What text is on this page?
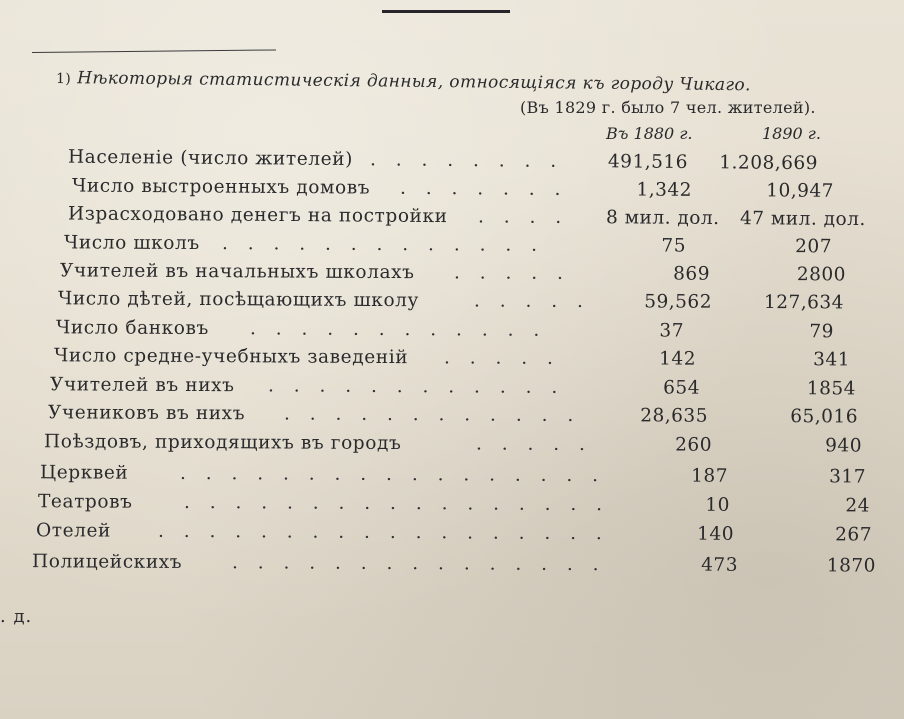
1) Нѣкоторыя статистическія данныя, относящіяся къ городу Чикаго.
(Въ 1829 г. было 7 чел. жителей).
Въ 1880 г.	1890 г.
Населеніе (число жителей) . . . . . . . .	491,516	1.208,669
Число выстроенныхъ домовъ . . . . . . .	1,342	10,947
Израсходовано денегъ на постройки . . . . 8 мил. дол. 47 мил. дол.
Число школъ . . . . . . . . . . . . .	75	207
Учителей въ начальныхъ школахъ . . . . .	869	2800
Число дѣтей, посѣщающихъ школу	. . . . .	59,562	127,634
Число банковъ . . . . . . . . . . . .	37	79
Число средне-учебныхъ заведеній . . . . .	142	341
Учителей въ нихъ . . . . . . . . . . . .	654	1854
Учениковъ въ нихъ . . . . . . . . . . . .	28,635	65,016
Поѣздовъ, приходящихъ въ городъ	. . . . .	260	940
Церквей	. . . . . . . . . . . . . . . . .	187	317
Театровъ	. . . . . . . . . . . . . . . . .	10	24
Отелей	. . . . . . . . . . . . . . . . . .	140	267
Полицейскихъ	. . . . . . . . . . . . . . .	473	1870
. д.
